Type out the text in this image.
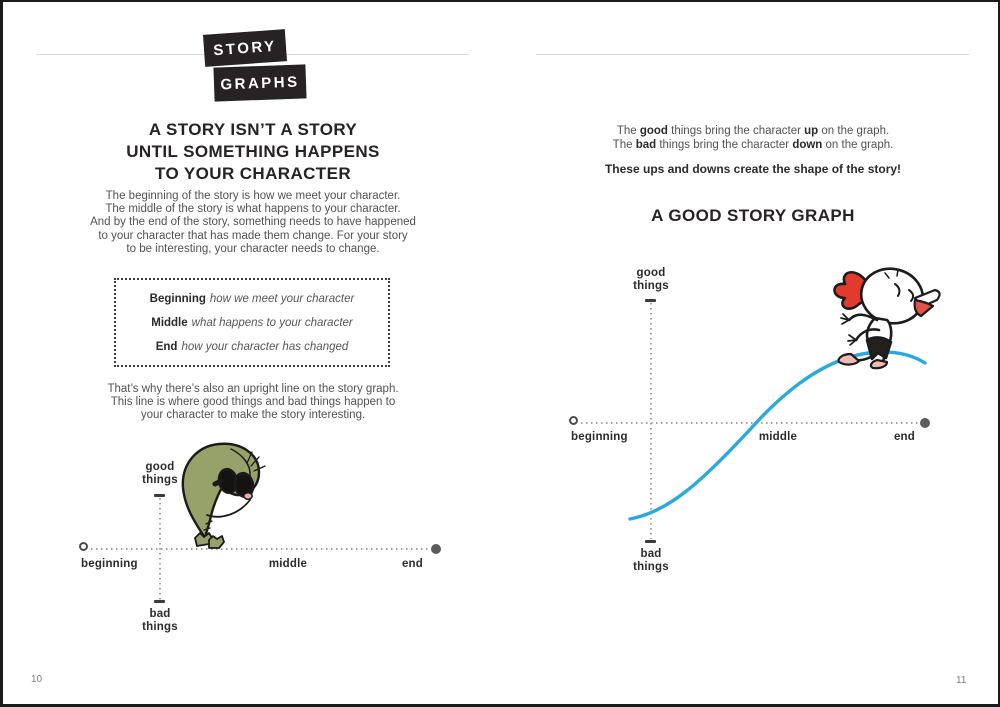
STORY
GRAPHS
A STORY ISN’T A STORY
UNTIL SOMETHING HAPPENS
TO YOUR CHARACTER
The beginning of the story is how we meet your character.
The middle of the story is what happens to your character.
And by the end of the story, something needs to have happened
to your character that has made them change. For your story
to be interesting, your character needs to change.
Beginning how we meet your character
Middle what happens to your character
End how your character has changed
That’s why there’s also an upright line on the story graph.
This line is where good things and bad things happen to
your character to make the story interesting.
good
things
bad
things
beginning	middle	end
10
The good things bring the character up on the graph.
The bad things bring the character down on the graph.
These ups and downs create the shape of the story!
A GOOD STORY GRAPH
good
things
bad
things
beginning	middle	end
11
